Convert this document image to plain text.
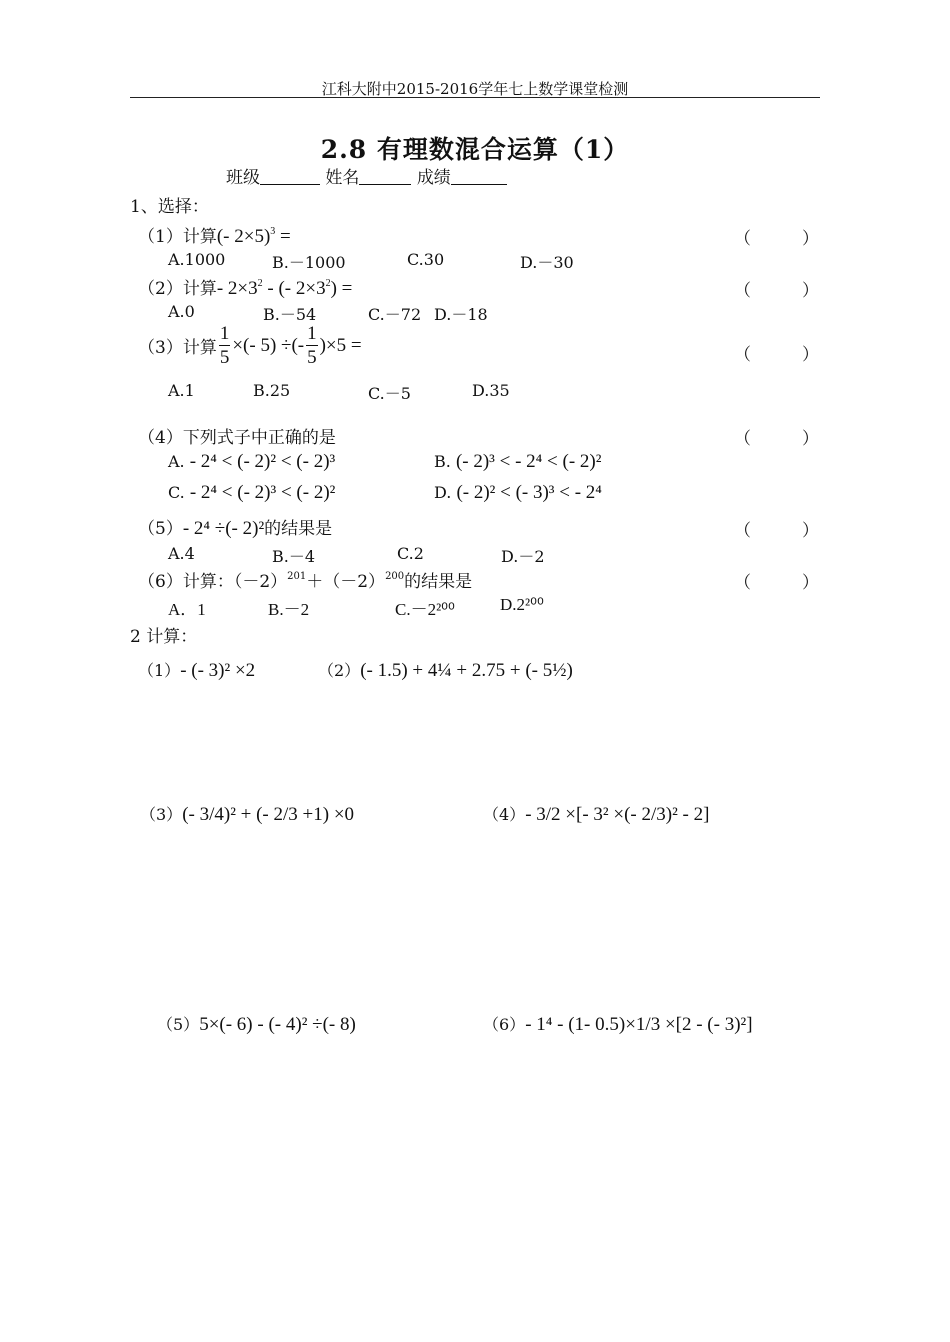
江科大附中2015-2016学年七上数学课堂检测
2.8 有理数混合运算（1）
班级	姓名	成绩
1、选择：
（1）计算(- 2×5)$^3$ =	（　　　）
A.1000	B.－1000	C.30	D.－30
（2）计算- $2\times 3^2$ - (- $2\times 3^2$) =	（　　　）
A.0	B.－54	C.－72 D.－18
（3）计算 $\frac{1}{5}$ ×(- 5) ÷(- $\frac{1}{5} )\times 5$ =	（　　　）
A.1	B.25	C.－5	D.35
（4）下列式子中正确的是	（　　　）
A. - 2⁴ < (- 2)² < (- 2)³	B. (- 2)³ < - 2⁴ < (- 2)²
C. - 2⁴ < (- 2)³ < (- 2)²	D. (- 2)² < (- 3)³ < - 2⁴
（5）- 2⁴ ÷(- 2)²的结果是	（　　　）
A.4	B.－4	C.2	D.－2
（6）计算：$(-2)^{201}+(-2)^{200}$的结果是	（　　　）
A．1	B.－2	C.－2²⁰⁰	D.2²⁰⁰
2 计算：
（1）- (- 3)² ×2	（2）(- 1.5) + 4¼ + 2.75 + (- 5½)
（3）(- 3/4)² + (- 2/3 +1) ×0	（4）- 3/2 ×[- 3² ×(- 2/3)² - 2]
（5）5×(- 6) - (- 4)² ÷(- 8)	（6）- 1⁴ - (1- 0.5)×1/3 ×[2 - (- 3)²]
